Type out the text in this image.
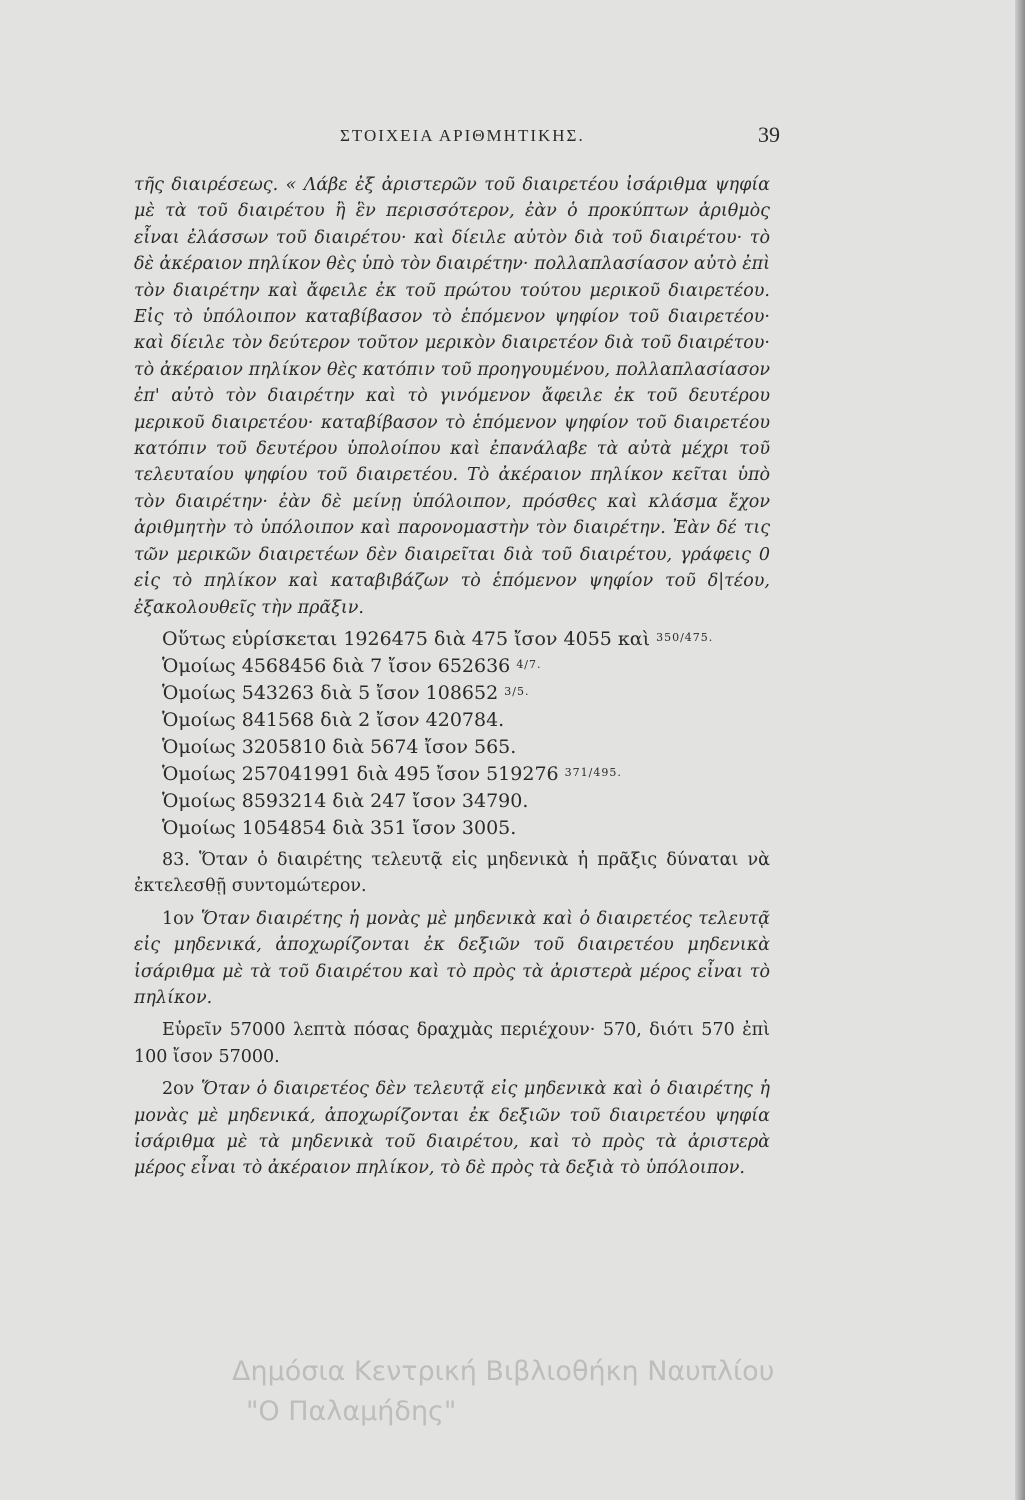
ΣΤΟΙΧΕΙΑ ΑΡΙΘΜΗΤΙΚΗΣ.	39

τῆς διαιρέσεως. « Λάβε ἐξ ἀριστερῶν τοῦ διαιρετέου ἰσάριθμα ψηφία μὲ τὰ τοῦ διαιρέτου ἢ ἓν περισσότερον, ἐὰν ὁ προκύπτων ἀριθμὸς εἶναι ἐλάσσων τοῦ διαιρέτου· καὶ δίειλε αὐτὸν διὰ τοῦ διαιρέτου· τὸ δὲ ἀκέραιον πηλίκον θὲς ὑπὸ τὸν διαιρέτην· πολλαπλασίασον αὐτὸ ἐπὶ τὸν διαιρέτην καὶ ἄφειλε ἐκ τοῦ πρώτου τούτου μερικοῦ διαιρετέου. Εἰς τὸ ὑπόλοιπον καταβίβασον τὸ ἑπόμενον ψηφίον τοῦ διαιρετέου· καὶ δίειλε τὸν δεύτερον τοῦτον μερικὸν διαιρετέον διὰ τοῦ διαιρέτου· τὸ ἀκέραιον πηλίκον θὲς κατόπιν τοῦ προηγουμένου, πολλαπλασίασον ἐπ' αὐτὸ τὸν διαιρέτην καὶ τὸ γινόμενον ἄφειλε ἐκ τοῦ δευτέρου μερικοῦ διαιρετέου· καταβίβασον τὸ ἑπόμενον ψηφίον τοῦ διαιρετέου κατόπιν τοῦ δευτέρου ὑπολοίπου καὶ ἐπανάλαβε τὰ αὐτὰ μέχρι τοῦ τελευταίου ψηφίου τοῦ διαιρετέου. Τὸ ἀκέραιον πηλίκον κεῖται ὑπὸ τὸν διαιρέτην· ἐὰν δὲ μείνῃ ὑπόλοιπον, πρόσθες καὶ κλάσμα ἔχον ἀριθμητὴν τὸ ὑπόλοιπον καὶ παρονομαστὴν τὸν διαιρέτην. Ἐὰν δέ τις τῶν μερικῶν διαιρετέων δὲν διαιρεῖται διὰ τοῦ διαιρέτου, γράφεις 0 εἰς τὸ πηλίκον καὶ καταβιβάζων τὸ ἑπόμενον ψηφίον τοῦ δ|τέου, ἐξακολουθεῖς τὴν πρᾶξιν.

Οὕτως εὑρίσκεται 1926475 διὰ 475 ἴσον 4055 καὶ $^{350/475.}$
Ὁμοίως 4568456 διὰ 7 ἴσον 652636 $^{4/7.}$
Ὁμοίως 543263 διὰ 5 ἴσον 108652 $^{3/5.}$
Ὁμοίως 841568 διὰ 2 ἴσον 420784.
Ὁμοίως 3205810 διὰ 5674 ἴσον 565.
Ὁμοίως 257041991 διὰ 495 ἴσον 519276 $^{371/495.}$
Ὁμοίως 8593214 διὰ 247 ἴσον 34790.
Ὁμοίως 1054854 διὰ 351 ἴσον 3005.

83. Ὅταν ὁ διαιρέτης τελευτᾷ εἰς μηδενικὰ ἡ πρᾶξις δύναται νὰ ἐκτελεσθῇ συντομώτερον.

1ον Ὅταν διαιρέτης ἡ μονὰς μὲ μηδενικὰ καὶ ὁ διαιρετέος τελευτᾷ εἰς μηδενικά, ἀποχωρίζονται ἐκ δεξιῶν τοῦ διαιρετέου μηδενικὰ ἰσάριθμα μὲ τὰ τοῦ διαιρέτου καὶ τὸ πρὸς τὰ ἀριστερὰ μέρος εἶναι τὸ πηλίκον.

Εὑρεῖν 57000 λεπτὰ πόσας δραχμὰς περιέχουν· 570, διότι 570 ἐπὶ 100 ἴσον 57000.

2ον Ὅταν ὁ διαιρετέος δὲν τελευτᾷ εἰς μηδενικὰ καὶ ὁ διαιρέτης ἡ μονὰς μὲ μηδενικά, ἀποχωρίζονται ἐκ δεξιῶν τοῦ διαιρετέου ψηφία ἰσάριθμα μὲ τὰ μηδενικὰ τοῦ διαιρέτου, καὶ τὸ πρὸς τὰ ἀριστερὰ μέρος εἶναι τὸ ἀκέραιον πηλίκον, τὸ δὲ πρὸς τὰ δεξιὰ τὸ ὑπόλοιπον.

Δημόσια Κεντρική Βιβλιοθήκη Ναυπλίου
"Ο Παλαμήδης"
